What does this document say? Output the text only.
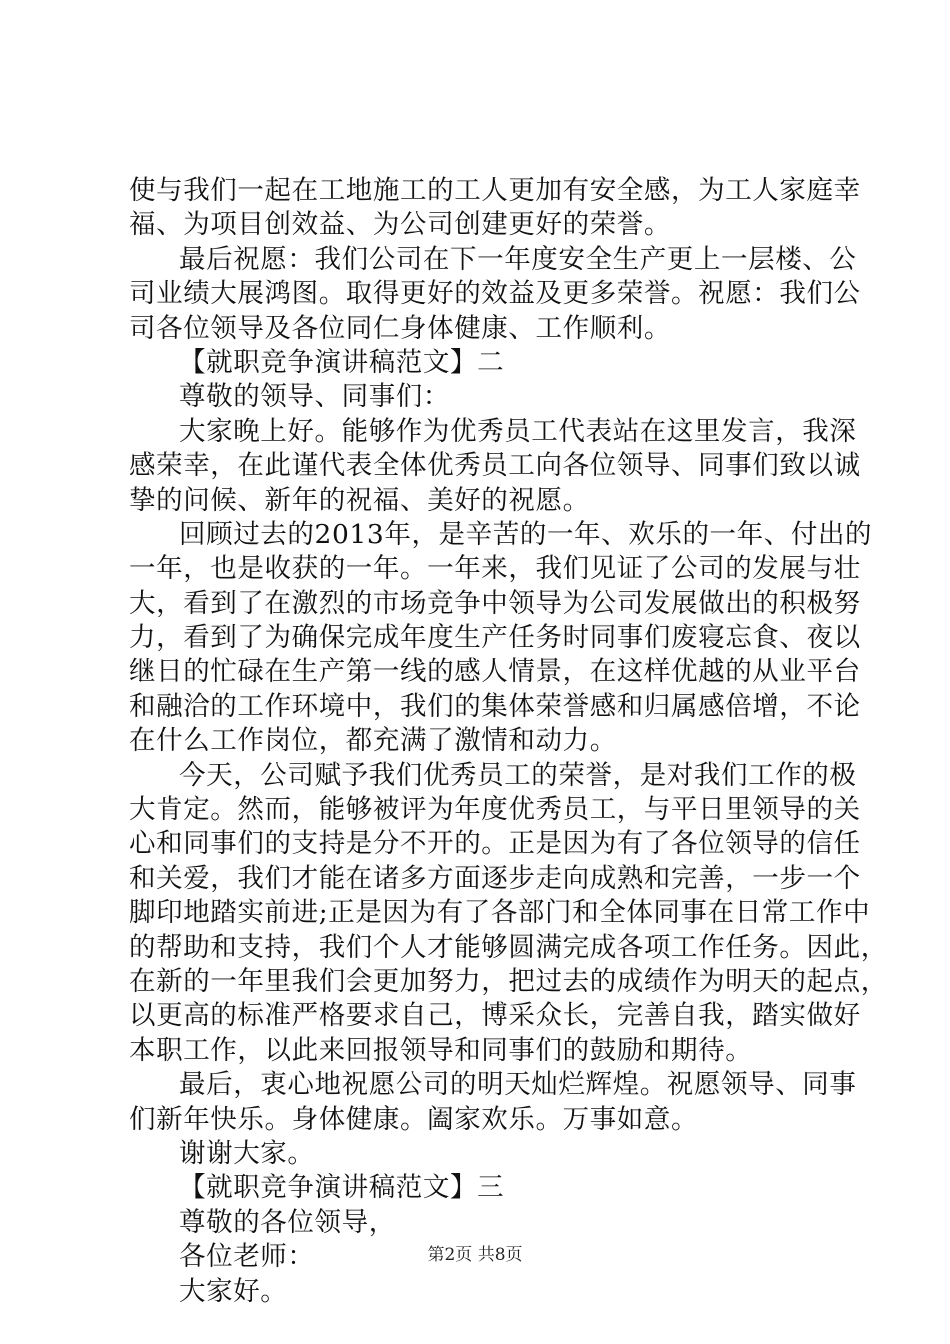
使与我们一起在工地施工的工人更加有安全感，为工人家庭幸
福、为项目创效益、为公司创建更好的荣誉。
最后祝愿：我们公司在下一年度安全生产更上一层楼、公
司业绩大展鸿图。取得更好的效益及更多荣誉。祝愿：我们公
司各位领导及各位同仁身体健康、工作顺利。
【就职竞争演讲稿范文】二
尊敬的领导、同事们：
大家晚上好。能够作为优秀员工代表站在这里发言，我深
感荣幸，在此谨代表全体优秀员工向各位领导、同事们致以诚
挚的问候、新年的祝福、美好的祝愿。
回顾过去的2013年，是辛苦的一年、欢乐的一年、付出的
一年，也是收获的一年。一年来，我们见证了公司的发展与壮
大，看到了在激烈的市场竞争中领导为公司发展做出的积极努
力，看到了为确保完成年度生产任务时同事们废寝忘食、夜以
继日的忙碌在生产第一线的感人情景，在这样优越的从业平台
和融洽的工作环境中，我们的集体荣誉感和归属感倍增，不论
在什么工作岗位，都充满了激情和动力。
今天，公司赋予我们优秀员工的荣誉，是对我们工作的极
大肯定。然而，能够被评为年度优秀员工，与平日里领导的关
心和同事们的支持是分不开的。正是因为有了各位领导的信任
和关爱，我们才能在诸多方面逐步走向成熟和完善，一步一个
脚印地踏实前进;正是因为有了各部门和全体同事在日常工作中
的帮助和支持，我们个人才能够圆满完成各项工作任务。因此，
在新的一年里我们会更加努力，把过去的成绩作为明天的起点，
以更高的标准严格要求自己，博采众长，完善自我，踏实做好
本职工作，以此来回报领导和同事们的鼓励和期待。
最后，衷心地祝愿公司的明天灿烂辉煌。祝愿领导、同事
们新年快乐。身体健康。阖家欢乐。万事如意。
谢谢大家。
【就职竞争演讲稿范文】三
尊敬的各位领导，
各位老师：
大家好。
第2页 共8页
